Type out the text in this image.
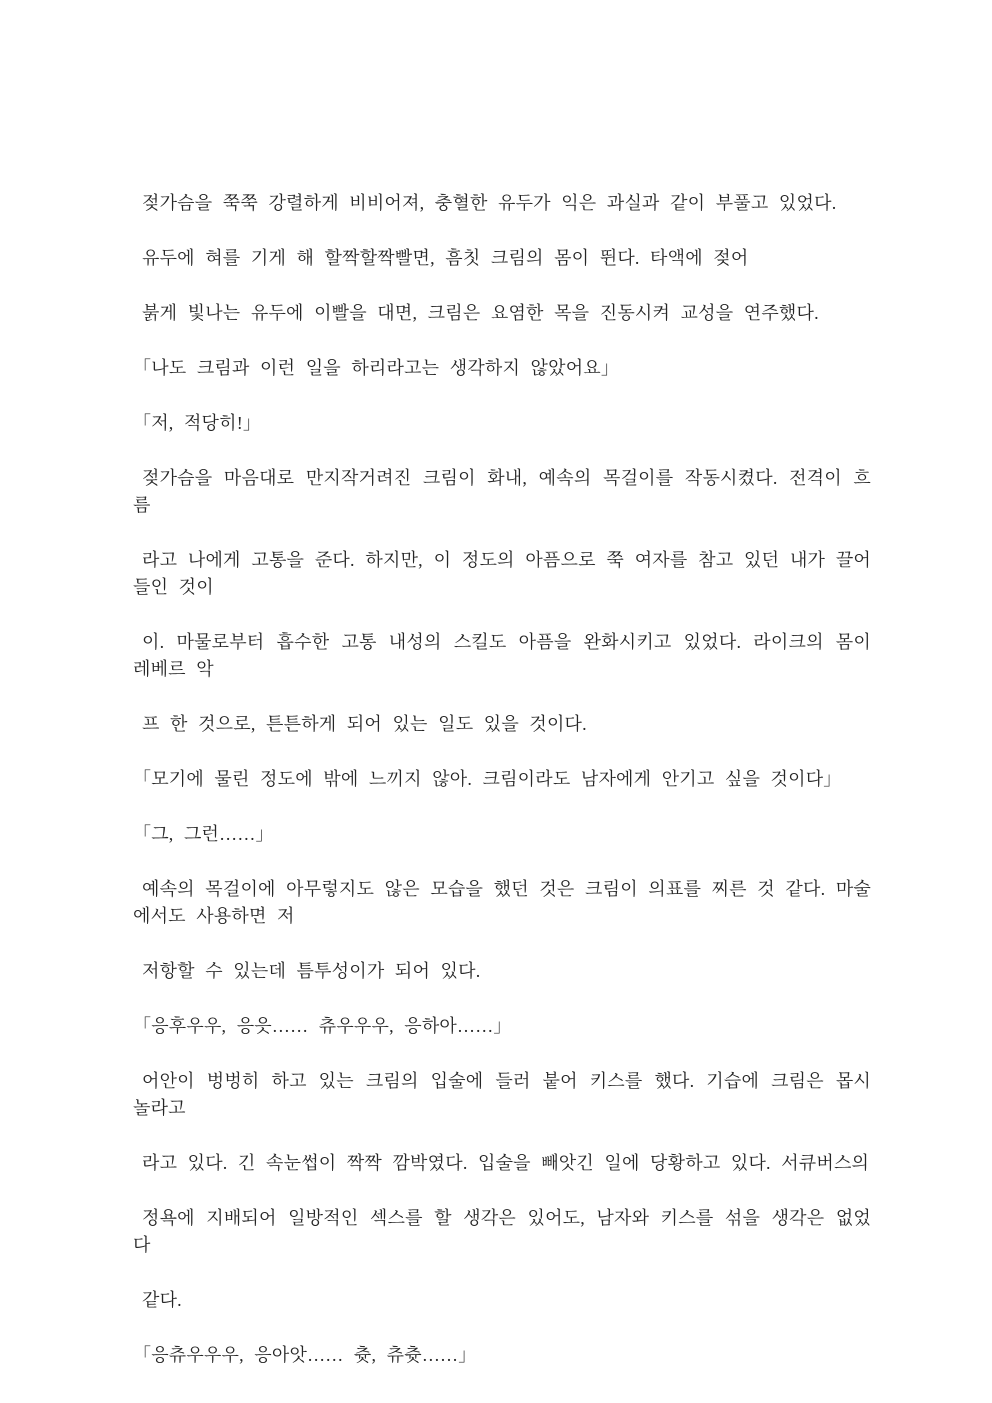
젖가슴을 쭉쭉 강렬하게 비비어져, 충혈한 유두가 익은 과실과 같이 부풀고 있었다.

유두에 혀를 기게 해 할짝할짝빨면, 흠칫 크림의 몸이 뛴다. 타액에 젖어

붉게 빛나는 유두에 이빨을 대면, 크림은 요염한 목을 진동시켜 교성을 연주했다.

「나도 크림과 이런 일을 하리라고는 생각하지 않았어요」

「저, 적당히!」

젖가슴을 마음대로 만지작거려진 크림이 화내, 예속의 목걸이를 작동시켰다. 전격이 흐름

라고 나에게 고통을 준다. 하지만, 이 정도의 아픔으로 쭉 여자를 참고 있던 내가 끌어들인 것이

이. 마물로부터 흡수한 고통 내성의 스킬도 아픔을 완화시키고 있었다. 라이크의 몸이 레베르 악

프 한 것으로, 튼튼하게 되어 있는 일도 있을 것이다.

「모기에 물린 정도에 밖에 느끼지 않아. 크림이라도 남자에게 안기고 싶을 것이다」

「그, 그런……」

예속의 목걸이에 아무렇지도 않은 모습을 했던 것은 크림이 의표를 찌른 것 같다. 마술에서도 사용하면 저

저항할 수 있는데 틈투성이가 되어 있다.

「응후우우, 응읏…… 츄우우우, 응하아……」

어안이 벙벙히 하고 있는 크림의 입술에 들러 붙어 키스를 했다. 기습에 크림은 몹시 놀라고

라고 있다. 긴 속눈썹이 짝짝 깜박였다. 입술을 빼앗긴 일에 당황하고 있다. 서큐버스의

정욕에 지배되어 일방적인 섹스를 할 생각은 있어도, 남자와 키스를 섞을 생각은 없었다

같다.

「응츄우우우, 응아앗…… 츗, 츄츗……」
